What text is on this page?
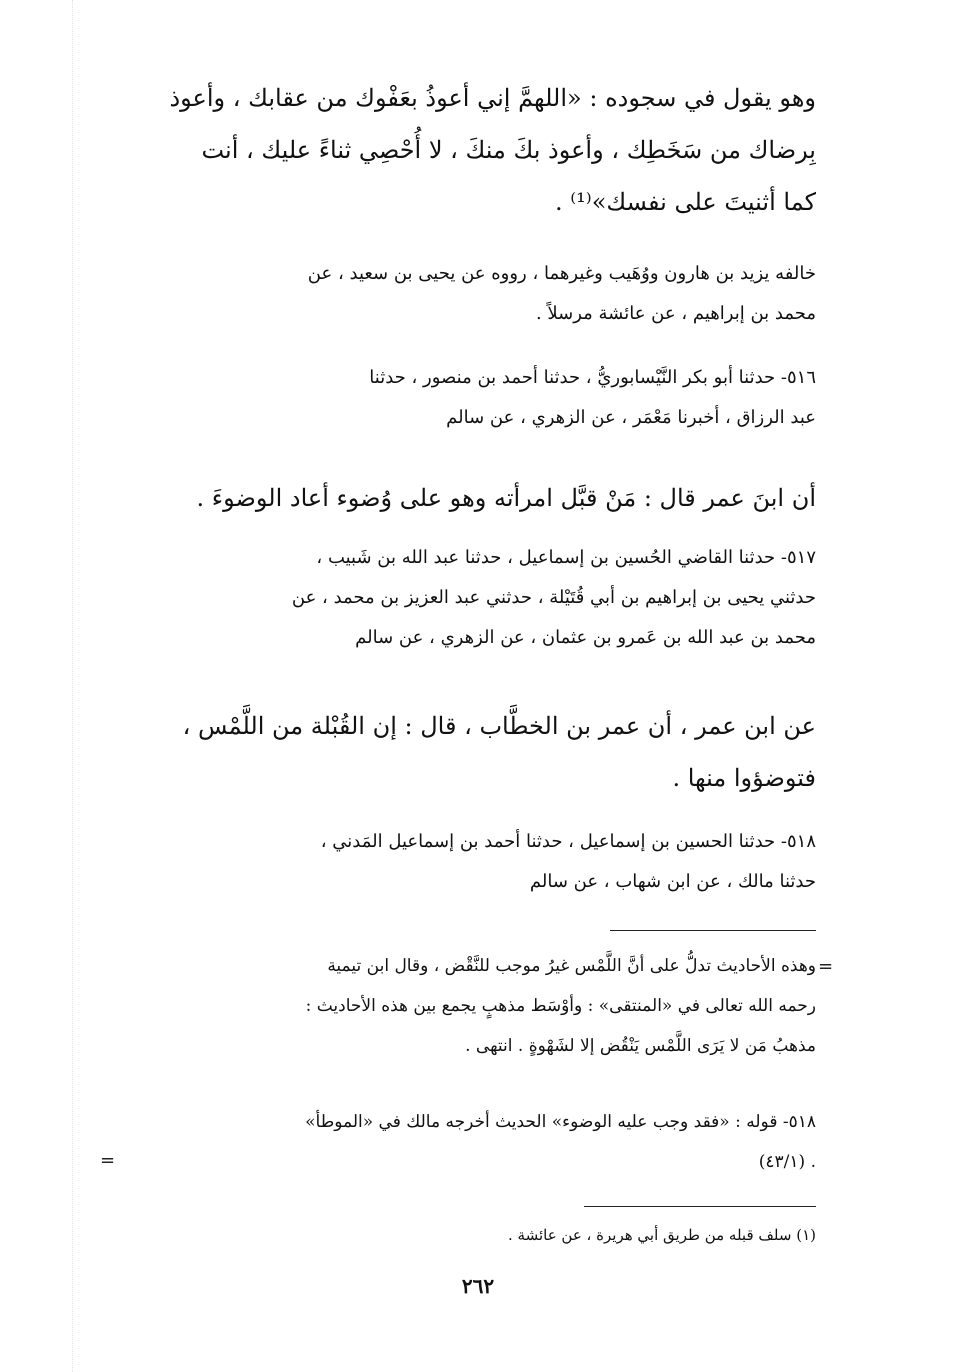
وهو يقول في سجوده : «اللهمَّ إني أعوذُ بعَفْوك من عقابك ، وأعوذ
بِرضاك من سَخَطِك ، وأعوذ بكَ منكَ ، لا أُحْصِي ثناءً عليك ، أنت
كما أثنيتَ على نفسك»⁽¹⁾ .
خالفه يزيد بن هارون ووُهَيب وغيرهما ، رووه عن يحيى بن سعيد ، عن
محمد بن إبراهيم ، عن عائشة مرسلاً .
٥١٦- حدثنا أبو بكر النَّيْسابوريُّ ، حدثنا أحمد بن منصور ، حدثنا
عبد الرزاق ، أخبرنا مَعْمَر ، عن الزهري ، عن سالم
أن ابنَ عمر قال : مَنْ قبَّل امرأته وهو على وُضوء أعاد الوضوءَ .
٥١٧- حدثنا القاضي الحُسين بن إسماعيل ، حدثنا عبد الله بن شَبيب ،
حدثني يحيى بن إبراهيم بن أبي قُتَيْلة ، حدثني عبد العزيز بن محمد ، عن
محمد بن عبد الله بن عَمرو بن عثمان ، عن الزهري ، عن سالم
عن ابن عمر ، أن عمر بن الخطَّاب ، قال : إن القُبْلة من اللَّمْس ،
فتوضؤوا منها .
٥١٨- حدثنا الحسين بن إسماعيل ، حدثنا أحمد بن إسماعيل المَدني ،
حدثنا مالك ، عن ابن شهاب ، عن سالم
=
وهذه الأحاديث تدلُّ على أنَّ اللَّمْس غيرُ موجب للنَّقْض ، وقال ابن تيمية
رحمه الله تعالى في «المنتقى» : وأوْسَط مذهبٍ يجمع بين هذه الأحاديث :
مذهبُ مَن لا يَرَى اللَّمْس يَنْقُض إلا لشَهْوةٍ . انتهى .
٥١٨- قوله : «فقد وجب عليه الوضوء» الحديث أخرجه مالك في «الموطأ»
. (٤٣/١)
=
(١) سلف قبله من طريق أبي هريرة ، عن عائشة .
٢٦٢
